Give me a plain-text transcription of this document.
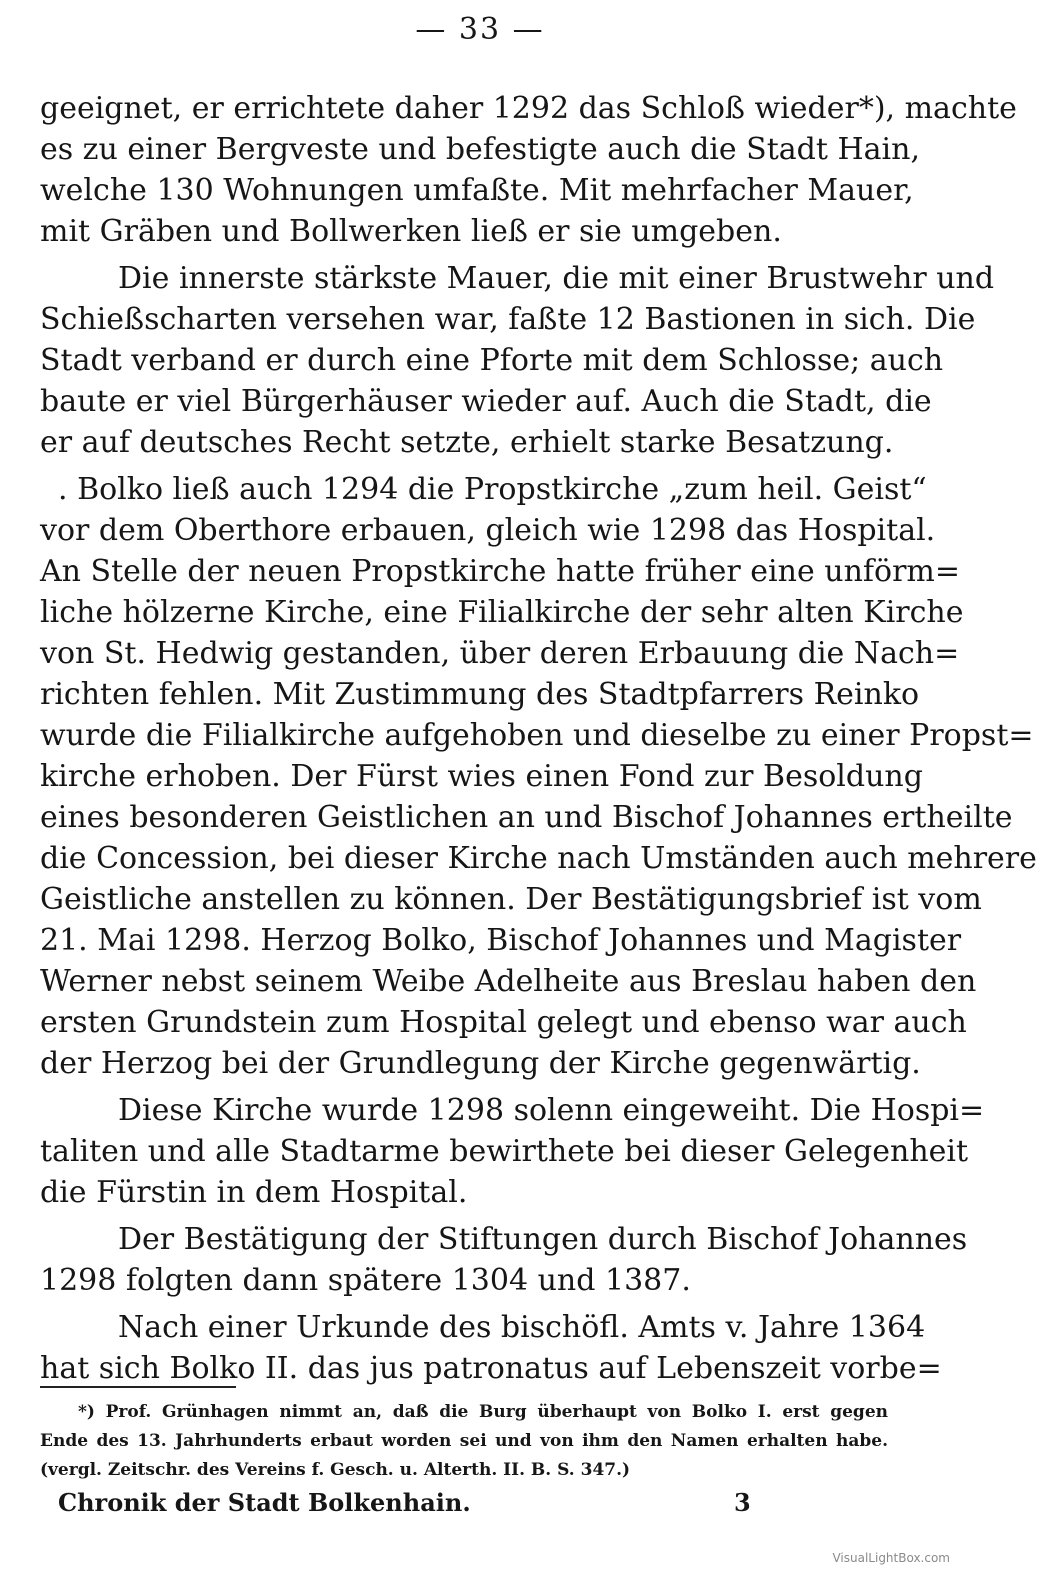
— 33 —
geeignet, er errichtete daher 1292 das Schloß wieder*), machte
es zu einer Bergveste und befestigte auch die Stadt Hain,
welche 130 Wohnungen umfaßte. Mit mehrfacher Mauer,
mit Gräben und Bollwerken ließ er sie umgeben.
Die innerste stärkste Mauer, die mit einer Brustwehr und
Schießscharten versehen war, faßte 12 Bastionen in sich. Die
Stadt verband er durch eine Pforte mit dem Schlosse; auch
baute er viel Bürgerhäuser wieder auf. Auch die Stadt, die
er auf deutsches Recht setzte, erhielt starke Besatzung.
. Bolko ließ auch 1294 die Propstkirche „zum heil. Geist“
vor dem Oberthore erbauen, gleich wie 1298 das Hospital.
An Stelle der neuen Propstkirche hatte früher eine unförm=
liche hölzerne Kirche, eine Filialkirche der sehr alten Kirche
von St. Hedwig gestanden, über deren Erbauung die Nach=
richten fehlen. Mit Zustimmung des Stadtpfarrers Reinko
wurde die Filialkirche aufgehoben und dieselbe zu einer Propst=
kirche erhoben. Der Fürst wies einen Fond zur Besoldung
eines besonderen Geistlichen an und Bischof Johannes ertheilte
die Concession, bei dieser Kirche nach Umständen auch mehrere
Geistliche anstellen zu können. Der Bestätigungsbrief ist vom
21. Mai 1298. Herzog Bolko, Bischof Johannes und Magister
Werner nebst seinem Weibe Adelheite aus Breslau haben den
ersten Grundstein zum Hospital gelegt und ebenso war auch
der Herzog bei der Grundlegung der Kirche gegenwärtig.
Diese Kirche wurde 1298 solenn eingeweiht. Die Hospi=
taliten und alle Stadtarme bewirthete bei dieser Gelegenheit
die Fürstin in dem Hospital.
Der Bestätigung der Stiftungen durch Bischof Johannes
1298 folgten dann spätere 1304 und 1387.
Nach einer Urkunde des bischöfl. Amts v. Jahre 1364
hat sich Bolko II. das jus patronatus auf Lebenszeit vorbe=
*) Prof. Grünhagen nimmt an, daß die Burg überhaupt von Bolko I. erst gegen
Ende des 13. Jahrhunderts erbaut worden sei und von ihm den Namen erhalten habe.
(vergl. Zeitschr. des Vereins f. Gesch. u. Alterth. II. B. S. 347.)
Chronik der Stadt Bolkenhain.	3
VisualLightBox.com
